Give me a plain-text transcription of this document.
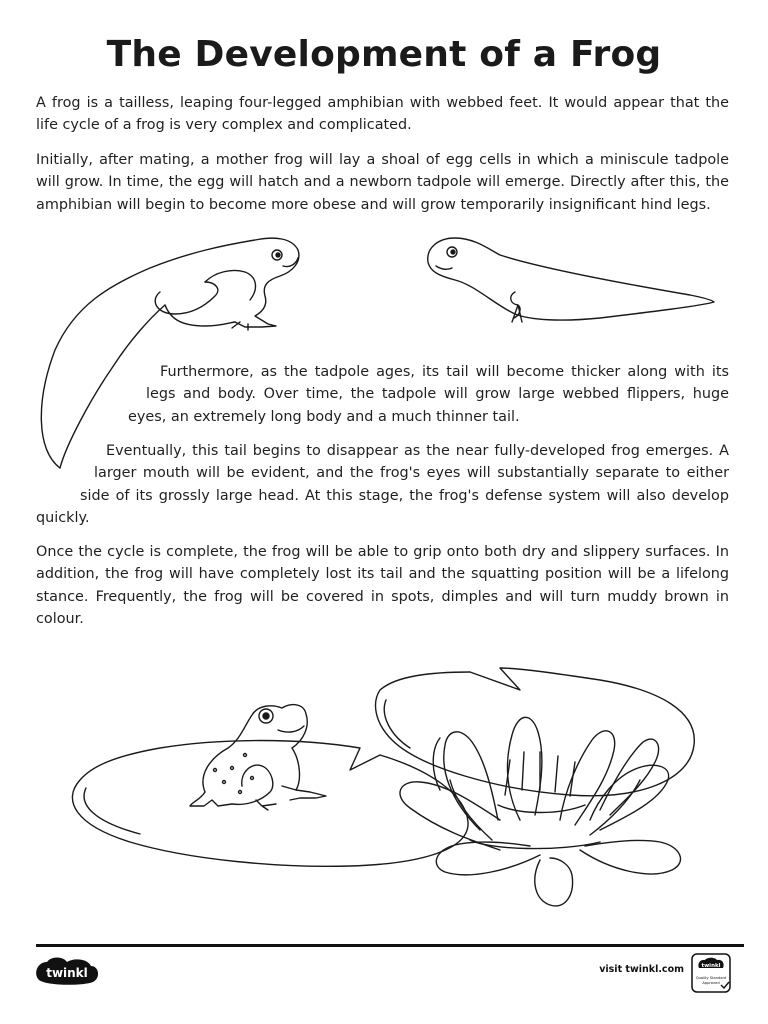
The Development of a Frog

A frog is a tailless, leaping four-legged amphibian with webbed feet. It would appear that the life cycle of a frog is very complex and complicated.

Initially, after mating, a mother frog will lay a shoal of egg cells in which a miniscule tadpole will grow. In time, the egg will hatch and a newborn tadpole will emerge. Directly after this, the amphibian will begin to become more obese and will grow temporarily insignificant hind legs.

Furthermore, as the tadpole ages, its tail will become thicker along with its
legs and body. Over time, the tadpole will grow large webbed flippers, huge
eyes, an extremely long body and a much thinner tail.

Eventually, this tail begins to disappear as the near fully-developed frog emerges. A
larger mouth will be evident, and the frog's eyes will substantially separate to either
side of its grossly large head. At this stage, the frog's defense system will also develop
quickly.

Once the cycle is complete, the frog will be able to grip onto both dry and slippery surfaces. In addition, the frog will have completely lost its tail and the squatting position will be a lifelong stance. Frequently, the frog will be covered in spots, dimples and will turn muddy brown in colour.

twinkl	visit twinkl.com	twinkl
Quality Standard
Approved
